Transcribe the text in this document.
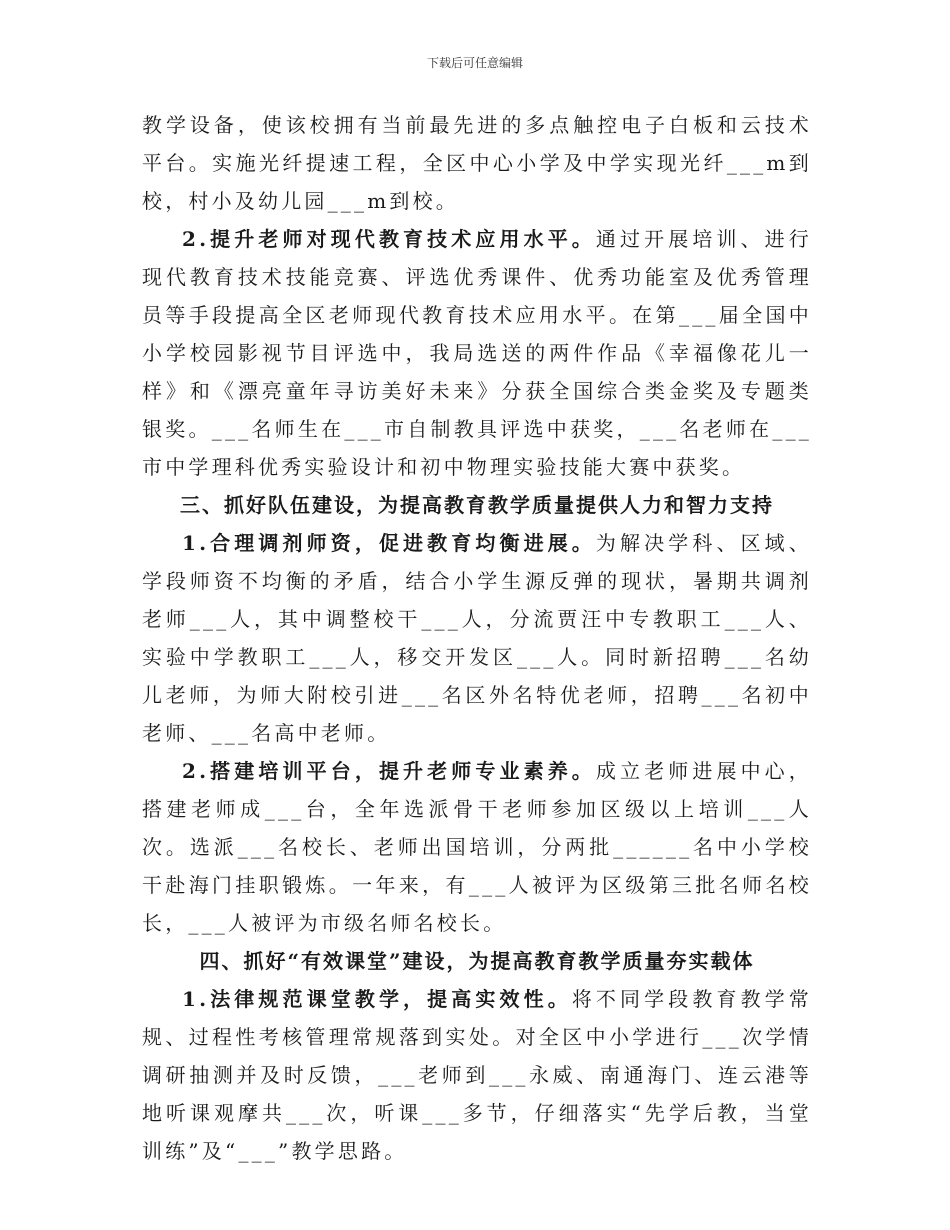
下载后可任意编辑

教学设备，使该校拥有当前最先进的多点触控电子白板和云技术平台。实施光纤提速工程，全区中心小学及中学实现光纤___m到校，村小及幼儿园___m到校。

2.提升老师对现代教育技术应用水平。通过开展培训、进行现代教育技术技能竞赛、评选优秀课件、优秀功能室及优秀管理员等手段提高全区老师现代教育技术应用水平。在第___届全国中小学校园影视节目评选中，我局选送的两件作品《幸福像花儿一样》和《漂亮童年寻访美好未来》分获全国综合类金奖及专题类银奖。___名师生在___市自制教具评选中获奖，___名老师在___市中学理科优秀实验设计和初中物理实验技能大赛中获奖。

三、抓好队伍建设，为提高教育教学质量提供人力和智力支持

1.合理调剂师资，促进教育均衡进展。为解决学科、区域、学段师资不均衡的矛盾，结合小学生源反弹的现状，暑期共调剂老师___人，其中调整校干___人，分流贾汪中专教职工___人、实验中学教职工___人，移交开发区___人。同时新招聘___名幼儿老师，为师大附校引进___名区外名特优老师，招聘___名初中老师、___名高中老师。

2.搭建培训平台，提升老师专业素养。成立老师进展中心，搭建老师成___台，全年选派骨干老师参加区级以上培训___人次。选派___名校长、老师出国培训，分两批______名中小学校干赴海门挂职锻炼。一年来，有___人被评为区级第三批名师名校长，___人被评为市级名师名校长。

四、抓好“有效课堂”建设，为提高教育教学质量夯实载体

1.法律规范课堂教学，提高实效性。将不同学段教育教学常规、过程性考核管理常规落到实处。对全区中小学进行___次学情调研抽测并及时反馈，___老师到___永威、南通海门、连云港等地听课观摩共___次，听课___多节，仔细落实“先学后教，当堂训练”及“___”教学思路。
